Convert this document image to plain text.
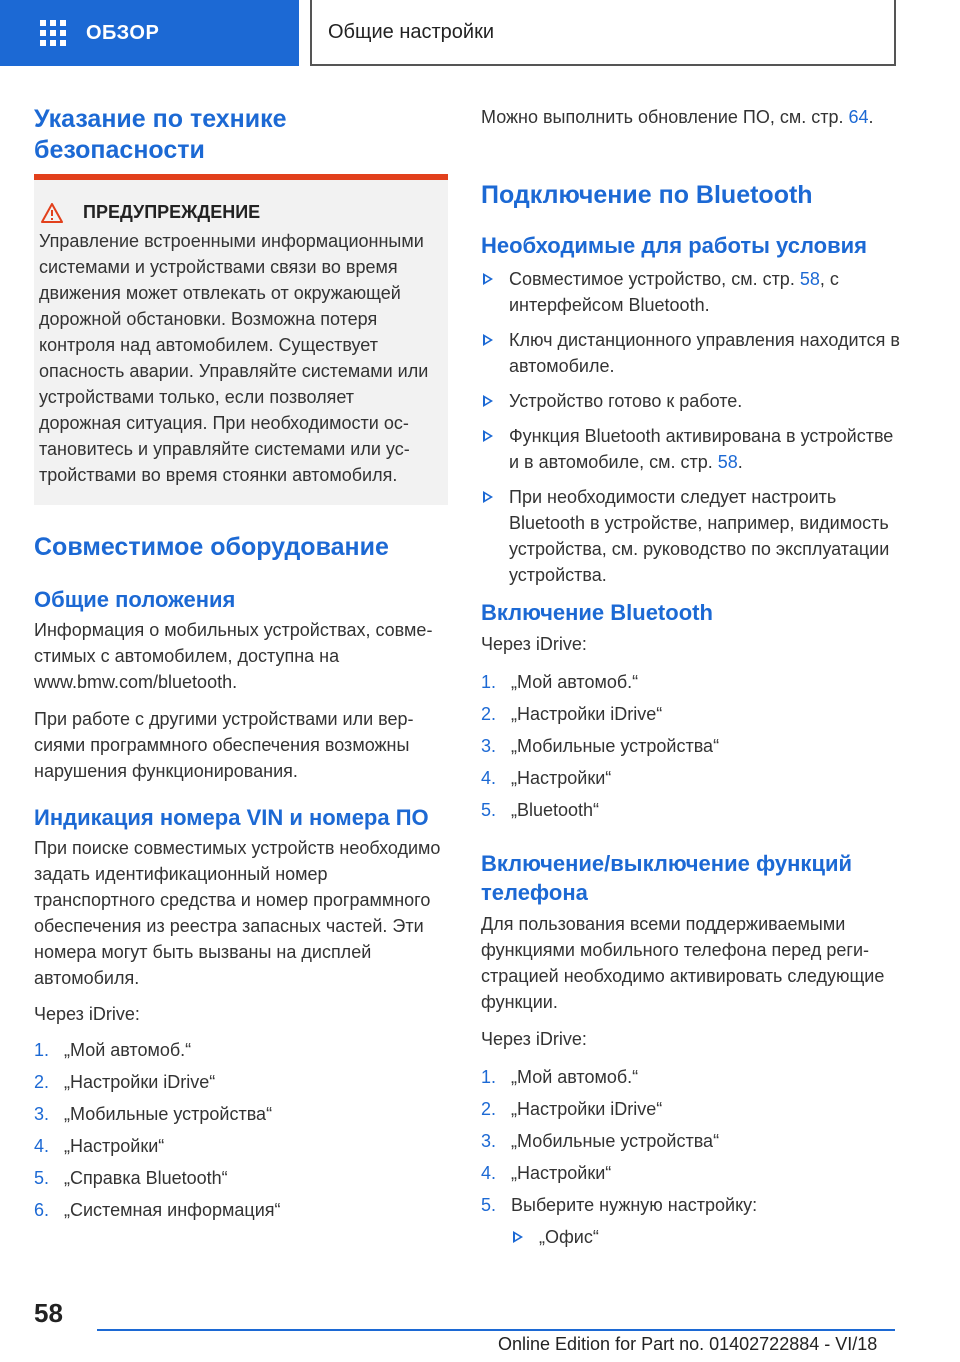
ОБЗОР	Общие настройки
Указание по технике безопасности
ПРЕДУПРЕЖДЕНИЕ
Управление встроенными информационными системами и устройствами связи во время движения может отвлекать от окружающей дорожной обстановки. Возможна потеря контроля над автомобилем. Существует опасность аварии. Управляйте системами или устройствами только, если позволяет дорожная ситуация. При необходимости остановитесь и управляйте системами или устройствами во время стоянки автомобиля.
Совместимое оборудование
Общие положения
Информация о мобильных устройствах, совместимых с автомобилем, доступна на www.bmw.com/bluetooth.
При работе с другими устройствами или версиями программного обеспечения возможны нарушения функционирования.
Индикация номера VIN и номера ПО
При поиске совместимых устройств необходимо задать идентификационный номер транспортного средства и номер программного обеспечения из реестра запасных частей. Эти номера могут быть вызваны на дисплей автомобиля.
Через iDrive:
1. „Мой автомоб.“
2. „Настройки iDrive“
3. „Мобильные устройства“
4. „Настройки“
5. „Справка Bluetooth“
6. „Системная информация“
Можно выполнить обновление ПО, см. стр. 64.
Подключение по Bluetooth
Необходимые для работы условия
Совместимое устройство, см. стр. 58, с интерфейсом Bluetooth.
Ключ дистанционного управления находится в автомобиле.
Устройство готово к работе.
Функция Bluetooth активирована в устройстве и в автомобиле, см. стр. 58.
При необходимости следует настроить Bluetooth в устройстве, например, видимость устройства, см. руководство по эксплуатации устройства.
Включение Bluetooth
Через iDrive:
1. „Мой автомоб.“
2. „Настройки iDrive“
3. „Мобильные устройства“
4. „Настройки“
5. „Bluetooth“
Включение/выключение функций телефона
Для пользования всеми поддерживаемыми функциями мобильного телефона перед регистрацией необходимо активировать следующие функции.
Через iDrive:
1. „Мой автомоб.“
2. „Настройки iDrive“
3. „Мобильные устройства“
4. „Настройки“
5. Выберите нужную настройку:
„Офис“
58
Online Edition for Part no. 01402722884 - VI/18
